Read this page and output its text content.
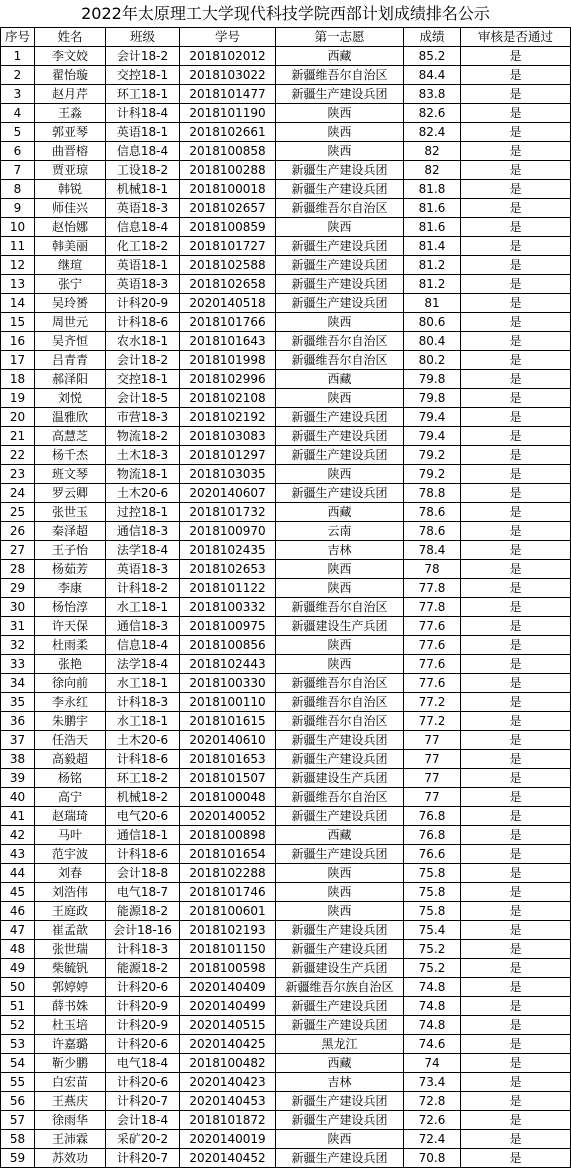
2022年太原理工大学现代科技学院西部计划成绩排名公示
序号	姓名	班级	学号	第一志愿	成绩	审核是否通过
1	李文姣	会计18-2	2018102012	西藏	85.2	是
2	翟怡璇	交控18-1	2018103022	新疆维吾尔自治区	84.4	是
3	赵月芹	环工18-1	2018101477	新疆生产建设兵团	83.8	是
4	王淼	计科18-4	2018101190	陕西	82.6	是
5	郭亚琴	英语18-1	2018102661	陕西	82.4	是
6	曲晋榕	信息18-4	2018100858	陕西	82	是
7	贾亚琼	工设18-2	2018100288	新疆生产建设兵团	82	是
8	韩锐	机械18-1	2018100018	新疆生产建设兵团	81.8	是
9	师佳兴	英语18-3	2018102657	新疆维吾尔自治区	81.6	是
10	赵怡娜	信息18-4	2018100859	陕西	81.6	是
11	韩美丽	化工18-2	2018101727	新疆生产建设兵团	81.4	是
12	继瑄	英语18-1	2018102588	新疆生产建设兵团	81.2	是
13	张宁	英语18-3	2018102658	新疆生产建设兵团	81.2	是
14	吴玲赟	计科20-9	2020140518	新疆生产建设兵团	81	是
15	周世元	计科18-6	2018101766	陕西	80.6	是
16	吴齐恒	农水18-1	2018101643	新疆维吾尔自治区	80.4	是
17	吕青青	会计18-2	2018101998	新疆维吾尔自治区	80.2	是
18	郝泽阳	交控18-1	2018102996	西藏	79.8	是
19	刘悦	会计18-5	2018102108	陕西	79.8	是
20	温雅欣	市营18-3	2018102192	新疆生产建设兵团	79.4	是
21	高慧芝	物流18-2	2018103083	新疆生产建设兵团	79.4	是
22	杨千杰	土木18-3	2018101297	新疆生产建设兵团	79.2	是
23	班文琴	物流18-1	2018103035	陕西	79.2	是
24	罗云卿	土木20-6	2020140607	新疆生产建设兵团	78.8	是
25	张世玉	过控18-1	2018101732	西藏	78.6	是
26	秦泽超	通信18-3	2018100970	云南	78.6	是
27	王子怡	法学18-4	2018102435	吉林	78.4	是
28	杨茹芳	英语18-3	2018102653	陕西	78	是
29	李康	计科18-2	2018101122	陕西	77.8	是
30	杨怡淳	水工18-1	2018100332	新疆维吾尔自治区	77.8	是
31	许天保	通信18-3	2018100975	新疆建设生产兵团	77.6	是
32	杜雨柔	信息18-4	2018100856	陕西	77.6	是
33	张艳	法学18-4	2018102443	陕西	77.6	是
34	徐向前	水工18-1	2018100330	新疆维吾尔自治区	77.6	是
35	李永红	计科18-3	2018100110	新疆维吾尔自治区	77.2	是
36	朱鹏宇	水工18-1	2018101615	新疆维吾尔自治区	77.2	是
37	任浩天	土木20-6	2020140610	新疆生产建设兵团	77	是
38	高毅超	计科18-6	2018101653	新疆生产建设兵团	77	是
39	杨铭	环工18-2	2018101507	新疆建设生产兵团	77	是
40	高宁	机械18-2	2018100048	新疆维吾尔自治区	77	是
41	赵瑞琦	电气20-6	2020140052	新疆生产建设兵团	76.8	是
42	马叶	通信18-1	2018100898	西藏	76.8	是
43	范宇波	计科18-6	2018101654	新疆生产建设兵团	76.6	是
44	刘春	会计18-8	2018102288	陕西	75.8	是
45	刘浩伟	电气18-7	2018101746	陕西	75.8	是
46	王庭政	能源18-2	2018100601	陕西	75.8	是
47	崔孟歆	会计18-16	2018102193	新疆生产建设兵团	75.4	是
48	张世瑞	计科18-3	2018101150	新疆生产建设兵团	75.2	是
49	柴毓钒	能源18-2	2018100598	新疆建设生产兵团	75.2	是
50	郭婷婷	计科20-6	2020140409	新疆维吾尔族自治区	74.8	是
51	薛书姝	计科20-9	2020140499	新疆生产建设兵团	74.8	是
52	杜玉培	计科20-9	2020140515	新疆生产建设兵团	74.8	是
53	许嘉璐	计科20-6	2020140425	黑龙江	74.6	是
54	靳少鹏	电气18-4	2018100482	西藏	74	是
55	白宏苗	计科20-6	2020140423	吉林	73.4	是
56	王燕庆	计科20-7	2020140453	新疆生产建设兵团	72.8	是
57	徐雨华	会计18-4	2018101872	新疆生产建设兵团	72.6	是
58	王沛霖	采矿20-2	2020140019	陕西	72.4	是
59	苏效功	计科20-7	2020140452	新疆生产建设兵团	70.8	是
